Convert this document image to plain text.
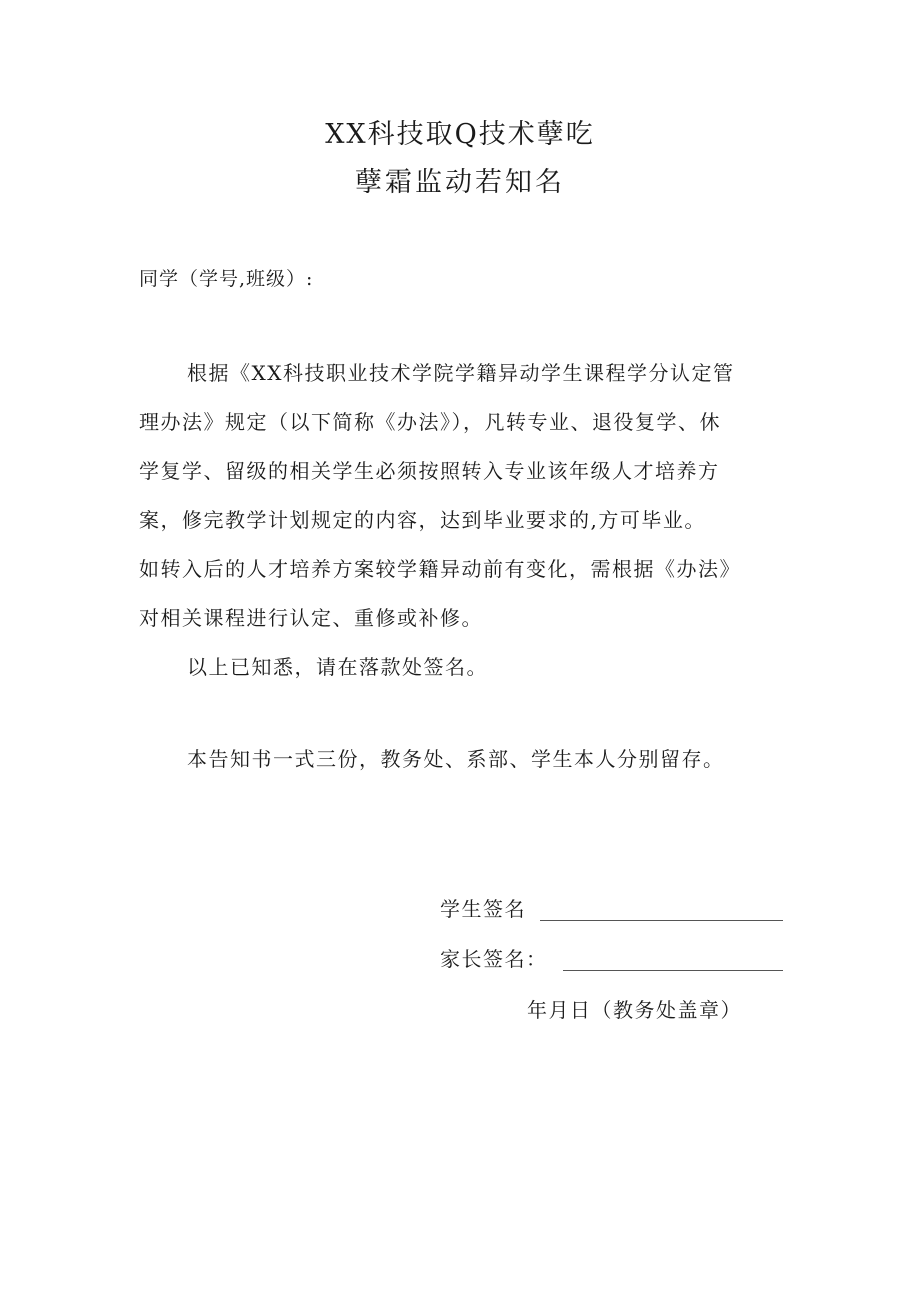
XX科技取Q技术孽吃
孽霜监动若知名
同学（学号,班级）:
根据《XX科技职业技术学院学籍异动学生课程学分认定管
理办法》规定（以下简称《办法》），凡转专业、退役复学、休
学复学、留级的相关学生必须按照转入专业该年级人才培养方
案，修完教学计划规定的内容，达到毕业要求的,方可毕业。
如转入后的人才培养方案较学籍异动前有变化，需根据《办法》
对相关课程进行认定、重修或补修。
以上已知悉，请在落款处签名。
本告知书一式三份，教务处、系部、学生本人分别留存。
学生签名
家长签名：
年月日（教务处盖章）
